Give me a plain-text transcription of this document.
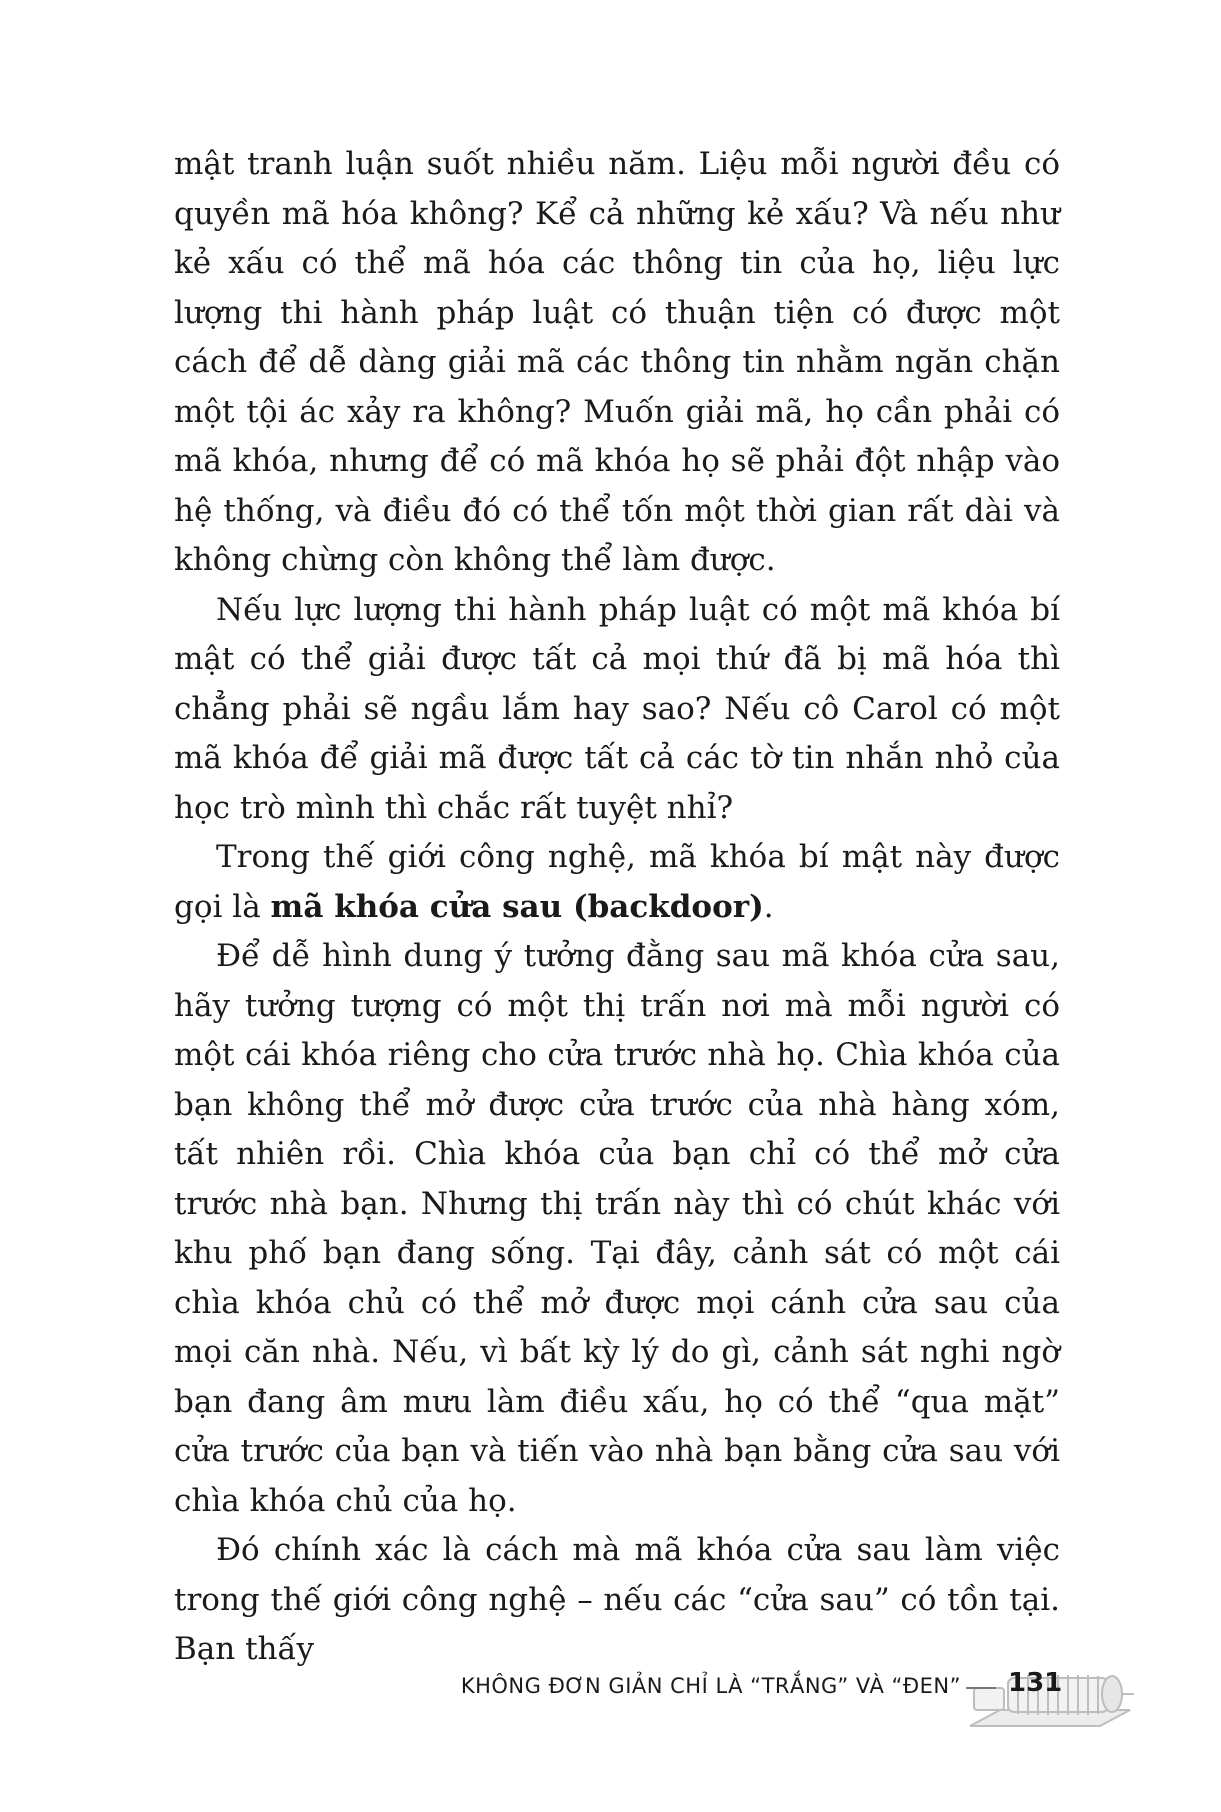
mật tranh luận suốt nhiều năm. Liệu mỗi người đều có quyền mã hóa không? Kể cả những kẻ xấu? Và nếu như kẻ xấu có thể mã hóa các thông tin của họ, liệu lực lượng thi hành pháp luật có thuận tiện có được một cách để dễ dàng giải mã các thông tin nhằm ngăn chặn một tội ác xảy ra không? Muốn giải mã, họ cần phải có mã khóa, nhưng để có mã khóa họ sẽ phải đột nhập vào hệ thống, và điều đó có thể tốn một thời gian rất dài và không chừng còn không thể làm được.

Nếu lực lượng thi hành pháp luật có một mã khóa bí mật có thể giải được tất cả mọi thứ đã bị mã hóa thì chẳng phải sẽ ngầu lắm hay sao? Nếu cô Carol có một mã khóa để giải mã được tất cả các tờ tin nhắn nhỏ của học trò mình thì chắc rất tuyệt nhỉ?

Trong thế giới công nghệ, mã khóa bí mật này được gọi là mã khóa cửa sau (backdoor).

Để dễ hình dung ý tưởng đằng sau mã khóa cửa sau, hãy tưởng tượng có một thị trấn nơi mà mỗi người có một cái khóa riêng cho cửa trước nhà họ. Chìa khóa của bạn không thể mở được cửa trước của nhà hàng xóm, tất nhiên rồi. Chìa khóa của bạn chỉ có thể mở cửa trước nhà bạn. Nhưng thị trấn này thì có chút khác với khu phố bạn đang sống. Tại đây, cảnh sát có một cái chìa khóa chủ có thể mở được mọi cánh cửa sau của mọi căn nhà. Nếu, vì bất kỳ lý do gì, cảnh sát nghi ngờ bạn đang âm mưu làm điều xấu, họ có thể “qua mặt” cửa trước của bạn và tiến vào nhà bạn bằng cửa sau với chìa khóa chủ của họ.

Đó chính xác là cách mà mã khóa cửa sau làm việc trong thế giới công nghệ – nếu các “cửa sau” có tồn tại. Bạn thấy

KHÔNG ĐƠN GIẢN CHỈ LÀ “TRẮNG” VÀ “ĐEN” 131
